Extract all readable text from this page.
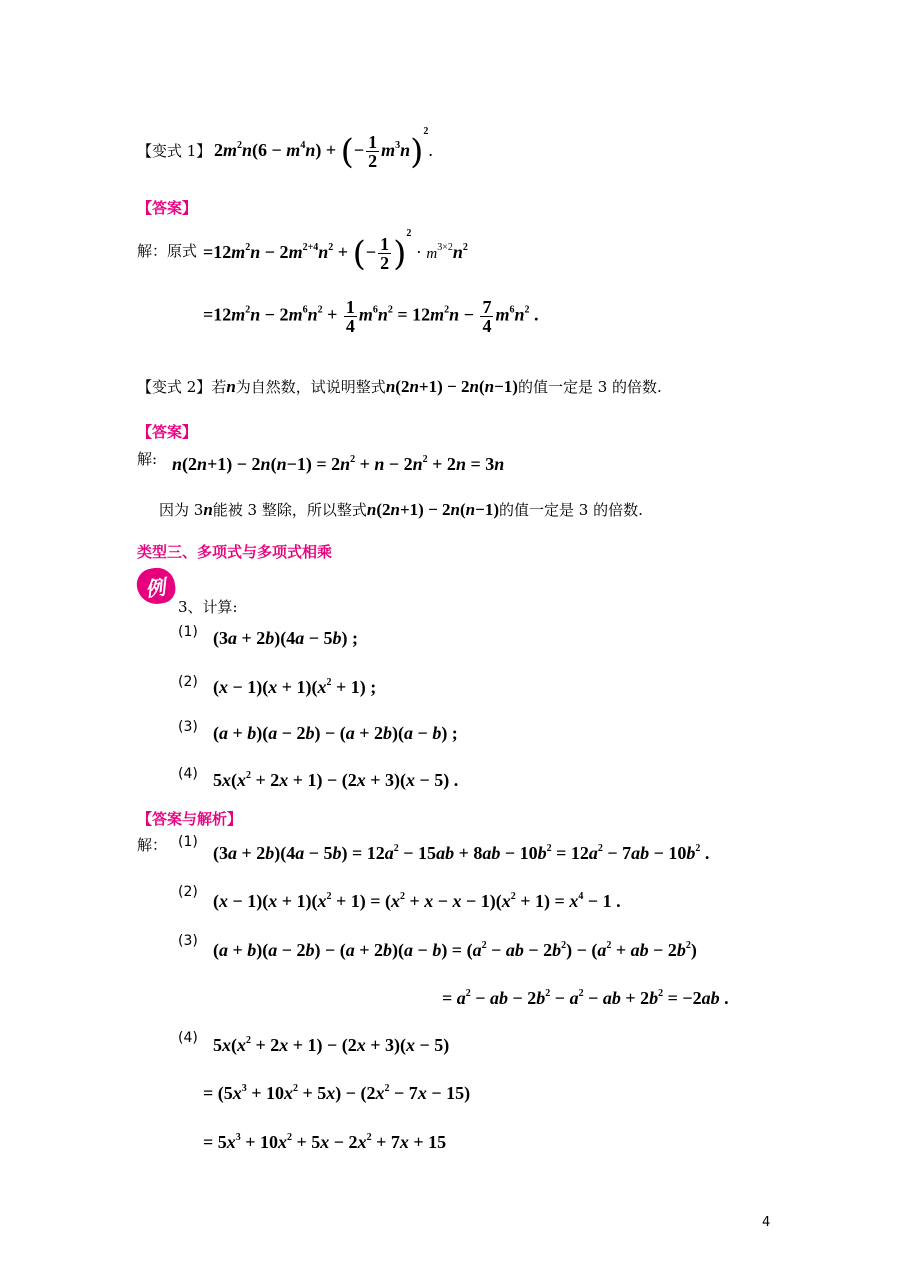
【变式 1】 $2m^2n(6 - m^4n)$ + (− $\frac{1}{2} m^3n)^2$.
【答案】
解：原式 $=12m^2n - 2m^{2+4}n^2$ + (− $\frac{1}{2} )^2 \cdot m^{3\times 2}n^2$
$=12m^2n - 2m^6n^2 + \frac{1}{4} m^6n^2 = 12m^2n - \frac{7}{4} m^6n^2$ .
【变式 2】若n为自然数，试说明整式n(2n+1) − 2n(n−1)的值一定是 3 的倍数.
【答案】
解: $n(2n+1) - 2n(n-1) = 2n^2 + n - 2n^2 + 2n = 3n$
因为 3n能被 3 整除，所以整式n(2n+1) − 2n(n−1)的值一定是 3 的倍数.
类型三、多项式与多项式相乘
例
3、计算:
(1) (3a + 2b)(4a − 5b) ;
(2) $(x - 1)(x + 1)(x^2 + 1)$ ;
(3) (a + b)(a − 2b) − (a + 2b)(a − b) ;
(4) $5x(x^2 + 2x + 1) - (2x + 3)(x - 5)$ .
【答案与解析】
解： (1)
$(3a + 2b)(4a - 5b) = 12a^2 - 15ab + 8ab - 10b^2 = 12a^2 - 7ab - 10b^2$ .
(2) $(x - 1)(x + 1)(x^2 + 1) = (x^2 + x - x - 1)(x^2 + 1) = x^4 - 1$ .
(3) $(a + b)(a - 2b) - (a + 2b)(a - b) = (a^2$ − ab − $2b^2) - (a^2$ + ab − $2b^2$)
= $a^2$ − ab − $2b^2 - a^2$ − ab + $2b^2 = -2ab$ .
(4) $5x(x^2 + 2x + 1) - (2x + 3)(x - 5)$
= $(5x^3 + 10x^2 + 5x) - (2x^2 - 7x - 15)$
= $5x^3 + 10x^2 + 5x - 2x^2 + 7x + 15$
4
